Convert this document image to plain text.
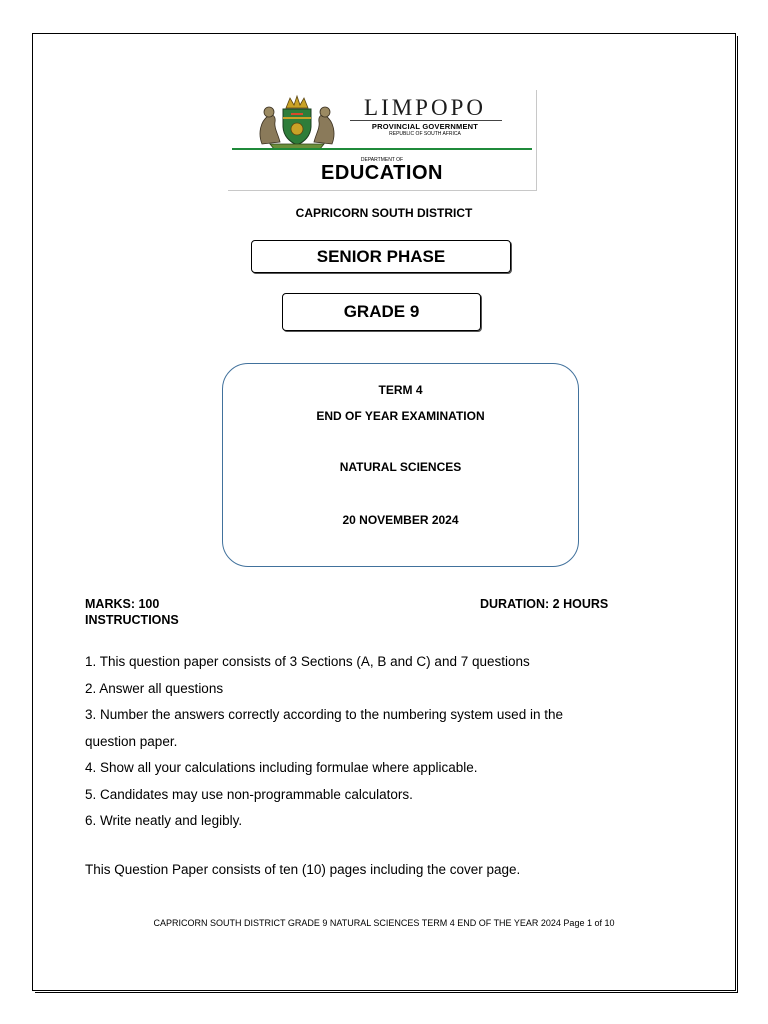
LIMPOPO
PROVINCIAL GOVERNMENT
REPUBLIC OF SOUTH AFRICA
DEPARTMENT OF
EDUCATION
CAPRICORN SOUTH DISTRICT
SENIOR PHASE
GRADE 9
TERM 4
END OF YEAR EXAMINATION
NATURAL SCIENCES
20 NOVEMBER 2024
MARKS: 100	DURATION: 2 HOURS
INSTRUCTIONS
1. This question paper consists of 3 Sections (A, B and C) and 7 questions
2. Answer all questions
3. Number the answers correctly according to the numbering system used in the
question paper.
4. Show all your calculations including formulae where applicable.
5. Candidates may use non-programmable calculators.
6. Write neatly and legibly.
This Question Paper consists of ten (10) pages including the cover page.
CAPRICORN SOUTH DISTRICT GRADE 9 NATURAL SCIENCES TERM 4 END OF THE YEAR 2024 Page 1 of 10
